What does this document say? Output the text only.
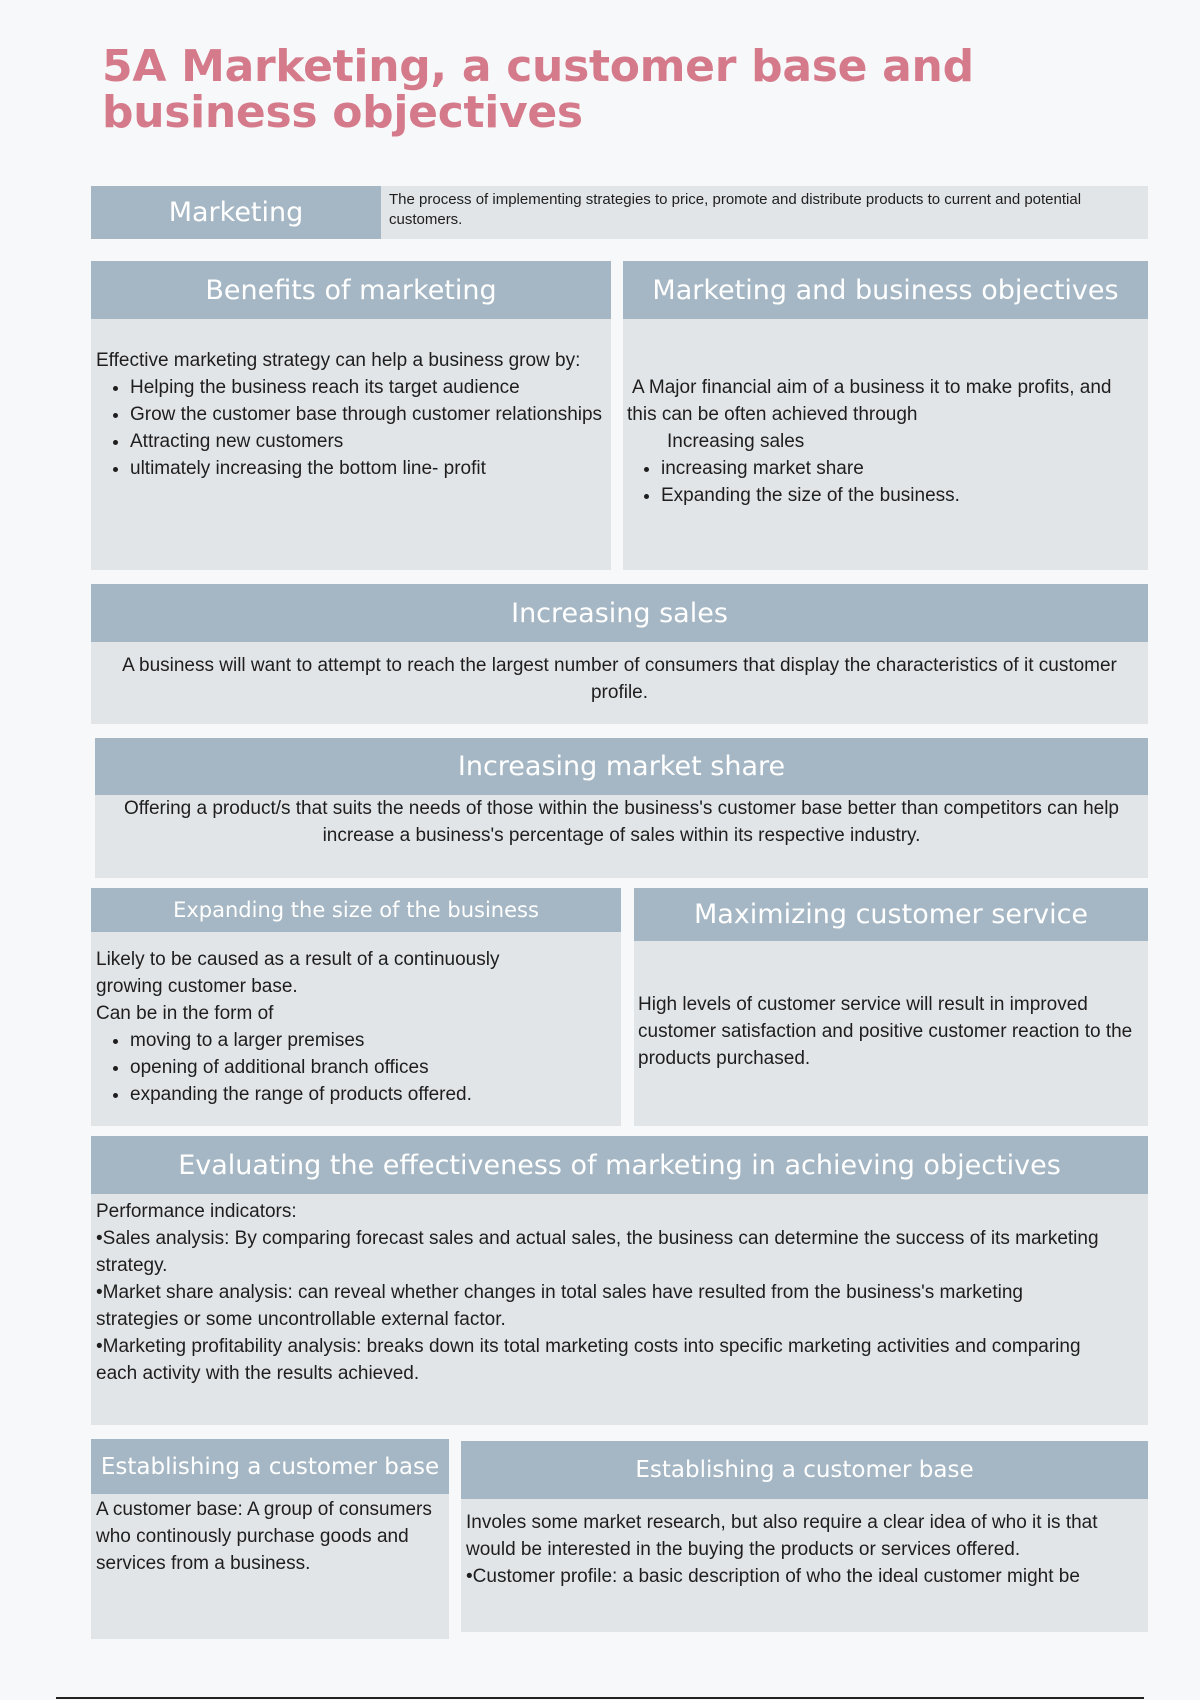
5A Marketing, a customer base and business objectives
Marketing	The process of implementing strategies to price, promote and distribute products to current and potential customers.
Benefits of marketing
Effective marketing strategy can help a business grow by:
• Helping the business reach its target audience
• Grow the customer base through customer relationships
• Attracting new customers
• ultimately increasing the bottom line- profit
Marketing and business objectives
A Major financial aim of a business it to make profits, and this can be often achieved through
Increasing sales
• increasing market share
• Expanding the size of the business.
Increasing sales
A business will want to attempt to reach the largest number of consumers that display the characteristics of it customer profile.
Increasing market share
Offering a product/s that suits the needs of those within the business's customer base better than competitors can help increase a business's percentage of sales within its respective industry.
Expanding the size of the business
Likely to be caused as a result of a continuously growing customer base.
Can be in the form of
• moving to a larger premises
• opening of additional branch offices
• expanding the range of products offered.
Maximizing customer service
High levels of customer service will result in improved customer satisfaction and positive customer reaction to the products purchased.
Evaluating the effectiveness of marketing in achieving objectives
Performance indicators:
•Sales analysis: By comparing forecast sales and actual sales, the business can determine the success of its marketing strategy.
•Market share analysis: can reveal whether changes in total sales have resulted from the business's marketing strategies or some uncontrollable external factor.
•Marketing profitability analysis: breaks down its total marketing costs into specific marketing activities and comparing each activity with the results achieved.
Establishing a customer base
A customer base: A group of consumers who continously purchase goods and services from a business.
Establishing a customer base
Involes some market research, but also require a clear idea of who it is that would be interested in the buying the products or services offered.
•Customer profile: a basic description of who the ideal customer might be
